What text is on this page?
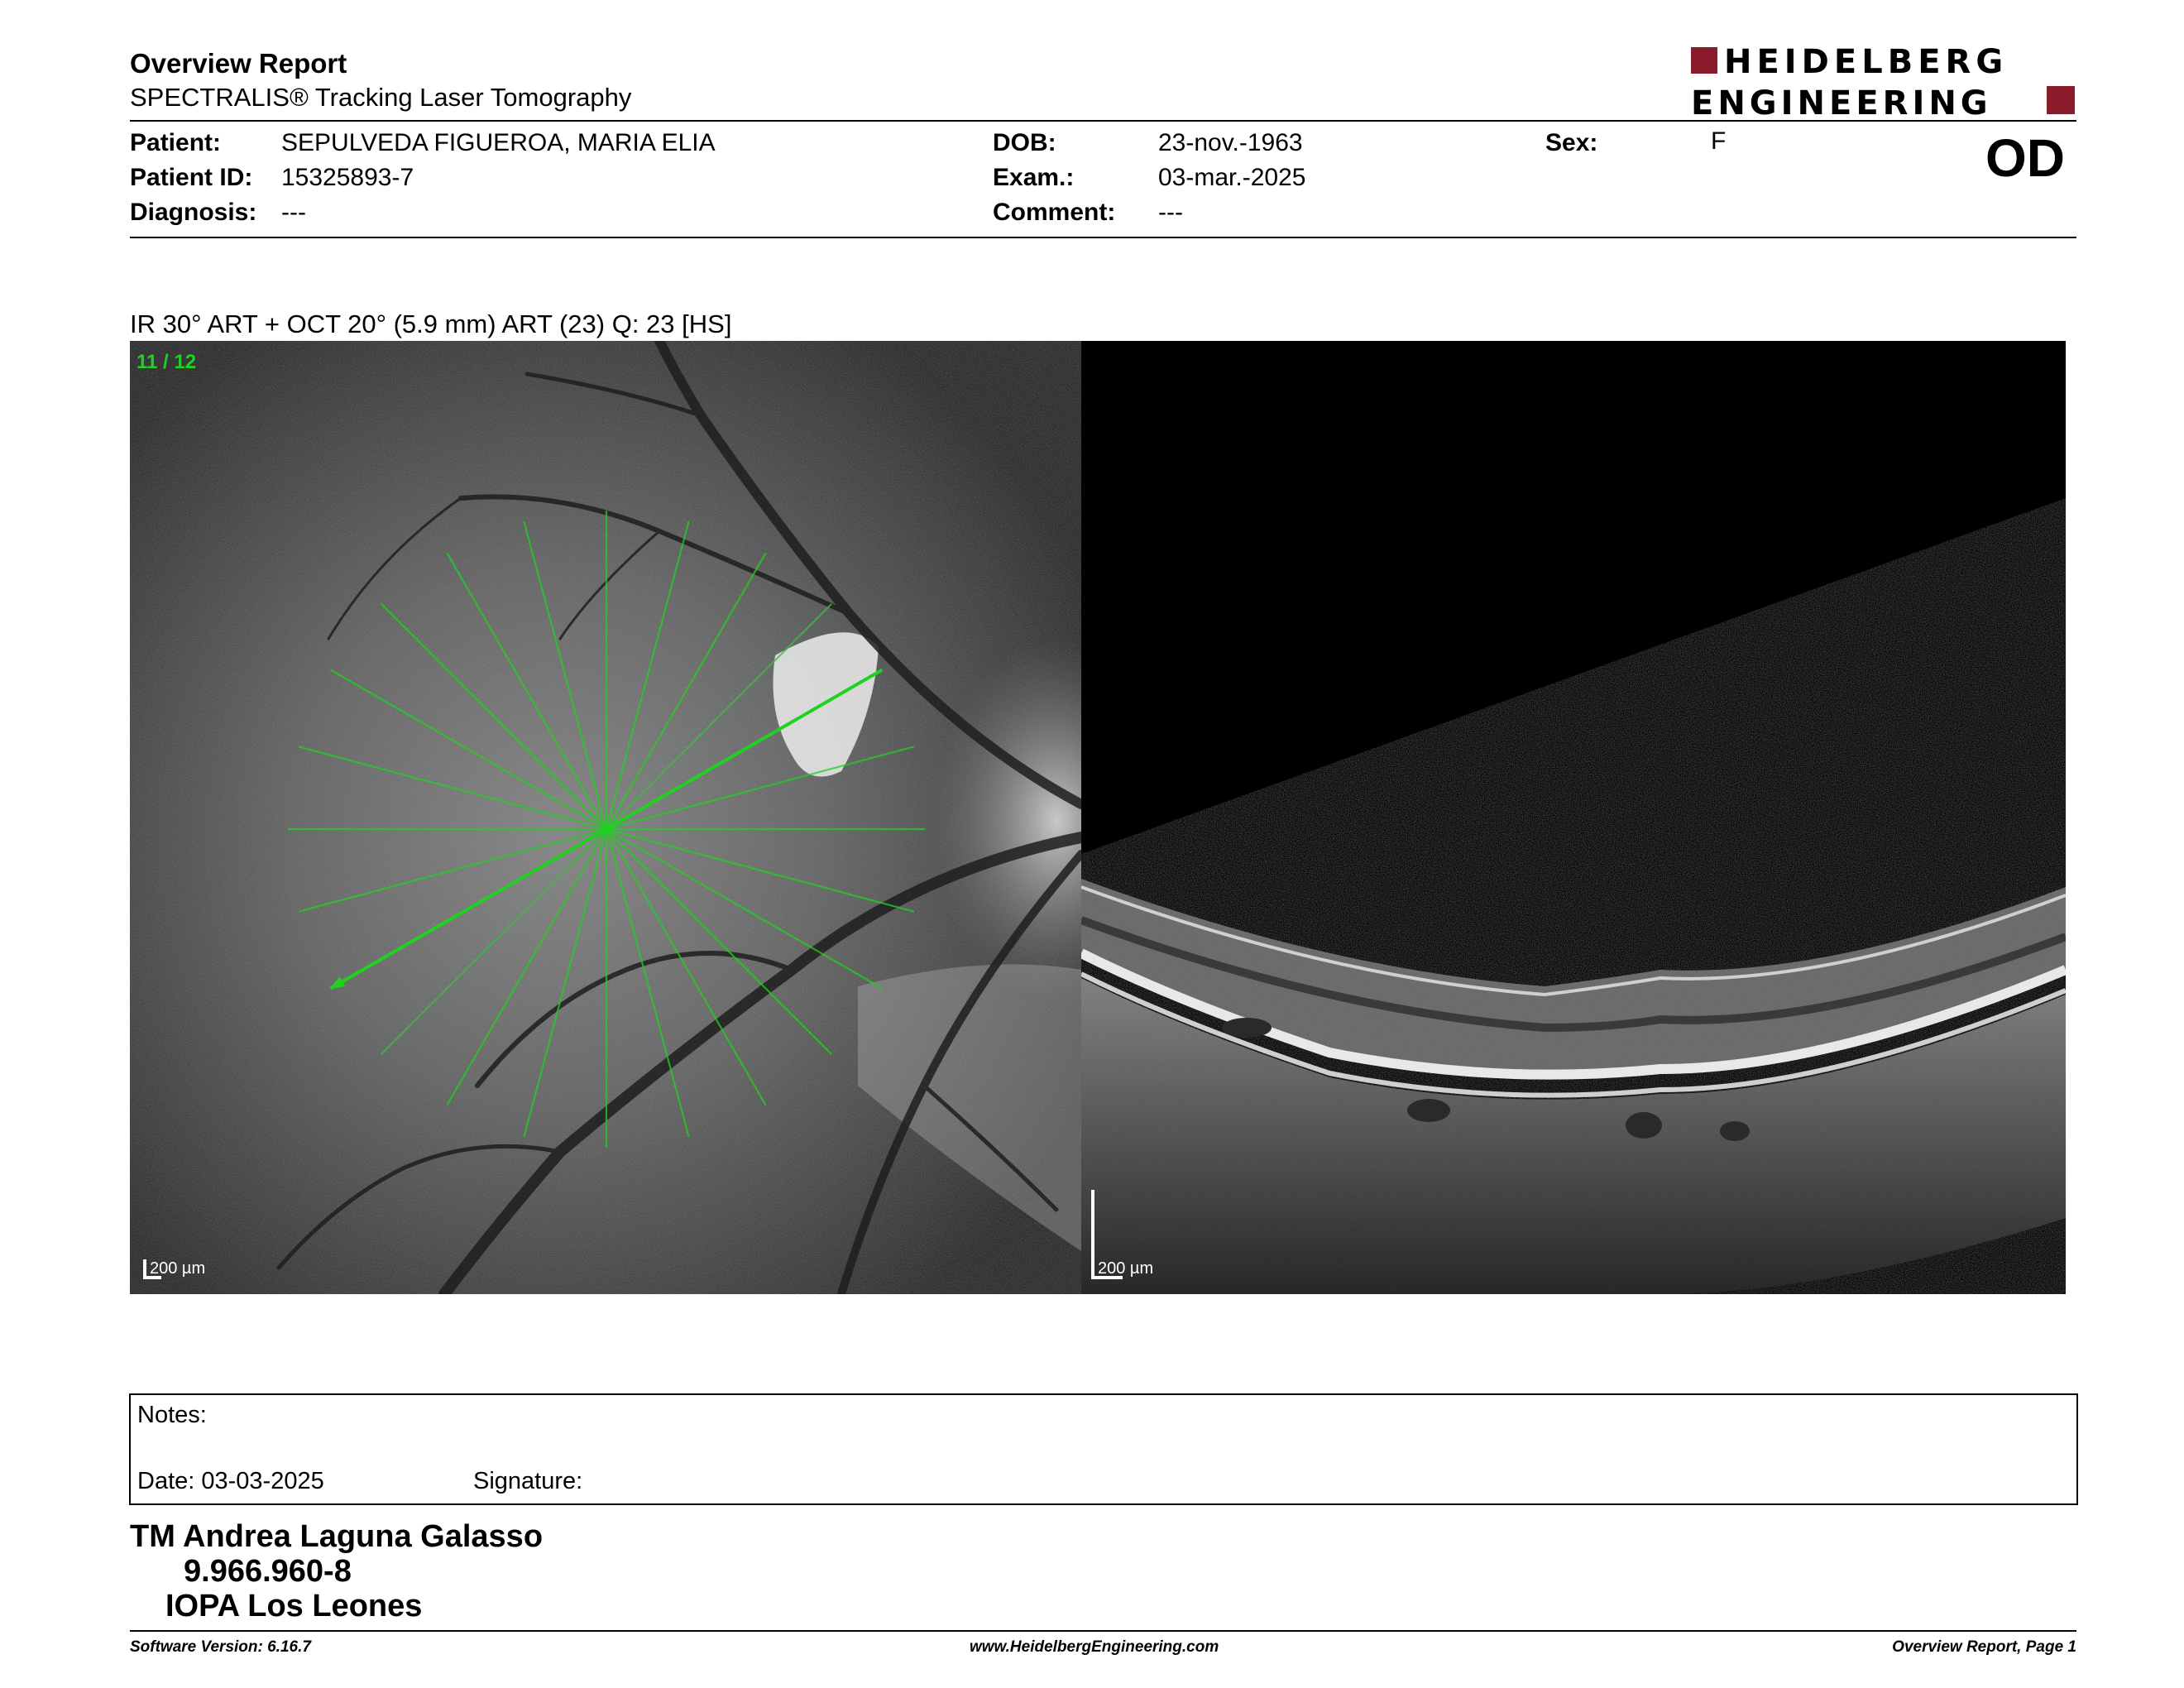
Overview Report
SPECTRALIS® Tracking Laser Tomography
HEIDELBERG
ENGINEERING
Patient: SEPULVEDA FIGUEROA, MARIA ELIA
Patient ID: 15325893-7
Diagnosis: ---
DOB:	23-nov.-1963
Exam.:	03-mar.-2025
Comment: ---
Sex:	F	OD
IR 30° ART + OCT 20° (5.9 mm) ART (23) Q: 23 [HS]
11 / 12
200 µm	200 µm
Notes:
Date: 03-03-2025	Signature:
TM Andrea Laguna Galasso
9.966.960-8
IOPA Los Leones
Software Version: 6.16.7	www.HeidelbergEngineering.com	Overview Report, Page 1
